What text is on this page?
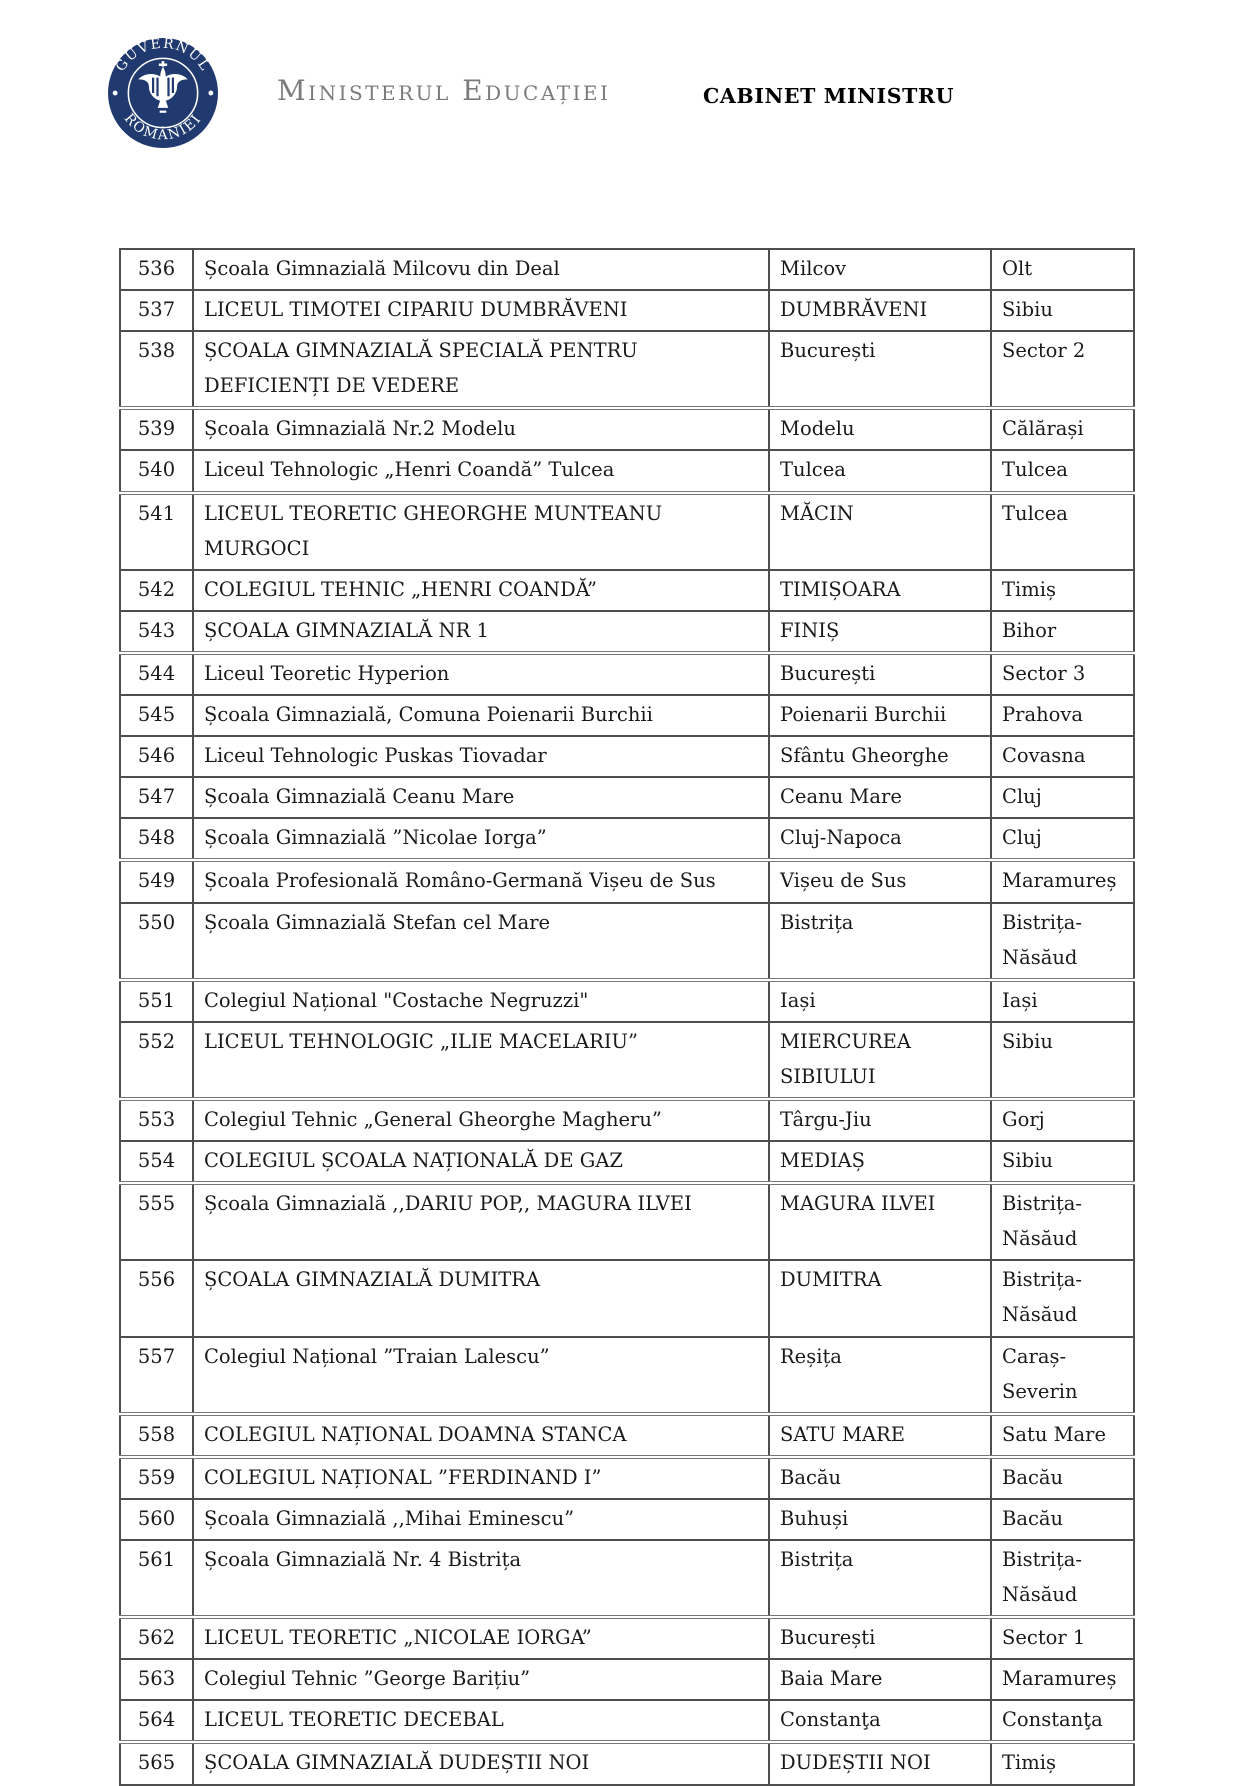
GUVERNUL
ROMÂNIEI
Ministerul Educației	CABINET MINISTRU
536	Școala Gimnazială Milcovu din Deal	Milcov	Olt
537	LICEUL TIMOTEI CIPARIU DUMBRĂVENI	DUMBRĂVENI	Sibiu
538	ȘCOALA GIMNAZIALĂ SPECIALĂ PENTRU DEFICIENȚI DE VEDERE	București	Sector 2
539	Școala Gimnazială Nr.2 Modelu	Modelu	Călărași
540	Liceul Tehnologic „Henri Coandă” Tulcea	Tulcea	Tulcea
541	LICEUL TEORETIC GHEORGHE MUNTEANU MURGOCI	MĂCIN	Tulcea
542	COLEGIUL TEHNIC „HENRI COANDĂ”	TIMIȘOARA	Timiș
543	ȘCOALA GIMNAZIALĂ NR 1	FINIȘ	Bihor
544	Liceul Teoretic Hyperion	București	Sector 3
545	Școala Gimnazială, Comuna Poienarii Burchii	Poienarii Burchii	Prahova
546	Liceul Tehnologic Puskas Tiovadar	Sfântu Gheorghe	Covasna
547	Școala Gimnazială Ceanu Mare	Ceanu Mare	Cluj
548	Școala Gimnazială ”Nicolae Iorga”	Cluj-Napoca	Cluj
549	Școala Profesională Româno-Germană Vișeu de Sus	Vișeu de Sus	Maramureș
550	Școala Gimnazială Stefan cel Mare	Bistrița	Bistrița-Năsăud
551	Colegiul Național "Costache Negruzzi"	Iași	Iași
552	LICEUL TEHNOLOGIC „ILIE MACELARIU”	MIERCUREA SIBIULUI	Sibiu
553	Colegiul Tehnic „General Gheorghe Magheru”	Târgu-Jiu	Gorj
554	COLEGIUL ȘCOALA NAȚIONALĂ DE GAZ	MEDIAȘ	Sibiu
555	Școala Gimnazială ,,DARIU POP,, MAGURA ILVEI	MAGURA ILVEI	Bistrița-Năsăud
556	ȘCOALA GIMNAZIALĂ DUMITRA	DUMITRA	Bistrița-Năsăud
557	Colegiul Național ”Traian Lalescu”	Reșița	Caraș-Severin
558	COLEGIUL NAȚIONAL DOAMNA STANCA	SATU MARE	Satu Mare
559	COLEGIUL NAȚIONAL ”FERDINAND I”	Bacău	Bacău
560	Școala Gimnazială ,,Mihai Eminescu”	Buhuși	Bacău
561	Școala Gimnazială Nr. 4 Bistrița	Bistrița	Bistrița-Năsăud
562	LICEUL TEORETIC „NICOLAE IORGA”	București	Sector 1
563	Colegiul Tehnic ”George Barițiu”	Baia Mare	Maramureș
564	LICEUL TEORETIC DECEBAL	Constanţa	Constanţa
565	ȘCOALA GIMNAZIALĂ DUDEȘTII NOI	DUDEȘTII NOI	Timiș
